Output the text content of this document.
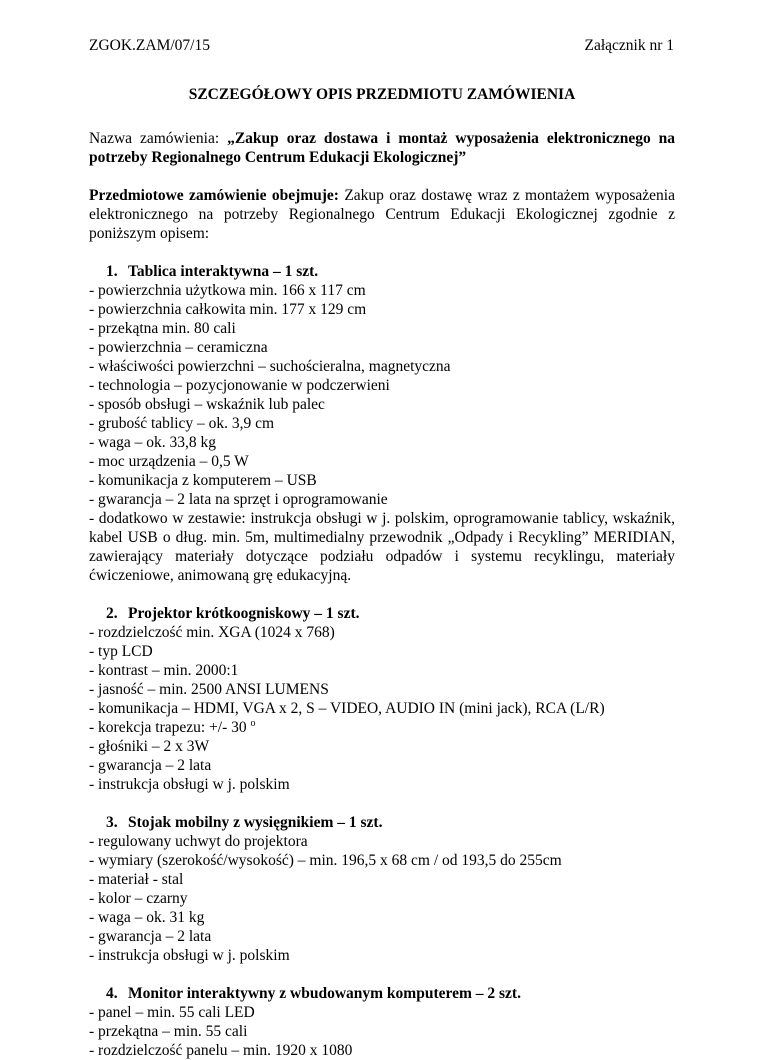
ZGOK.ZAM/07/15	Załącznik nr 1
SZCZEGÓŁOWY OPIS PRZEDMIOTU ZAMÓWIENIA
Nazwa zamówienia: „Zakup oraz dostawa i montaż wyposażenia elektronicznego na potrzeby Regionalnego Centrum Edukacji Ekologicznej”
Przedmiotowe zamówienie obejmuje: Zakup oraz dostawę wraz z montażem wyposażenia elektronicznego na potrzeby Regionalnego Centrum Edukacji Ekologicznej zgodnie z poniższym opisem:
1. Tablica interaktywna – 1 szt.
- powierzchnia użytkowa min. 166 x 117 cm
- powierzchnia całkowita min. 177 x 129 cm
- przekątna min. 80 cali
- powierzchnia – ceramiczna
- właściwości powierzchni – suchościeralna, magnetyczna
- technologia – pozycjonowanie w podczerwieni
- sposób obsługi – wskaźnik lub palec
- grubość tablicy – ok. 3,9 cm
- waga – ok. 33,8 kg
- moc urządzenia – 0,5 W
- komunikacja z komputerem – USB
- gwarancja – 2 lata na sprzęt i oprogramowanie
- dodatkowo w zestawie: instrukcja obsługi w j. polskim, oprogramowanie tablicy, wskaźnik, kabel USB o dług. min. 5m, multimedialny przewodnik „Odpady i Recykling” MERIDIAN, zawierający materiały dotyczące podziału odpadów i systemu recyklingu, materiały ćwiczeniowe, animowaną grę edukacyjną.
2. Projektor krótkoogniskowy – 1 szt.
- rozdzielczość min. XGA (1024 x 768)
- typ LCD
- kontrast – min. 2000:1
- jasność – min. 2500 ANSI LUMENS
- komunikacja – HDMI, VGA x 2, S – VIDEO, AUDIO IN (mini jack), RCA (L/R)
- korekcja trapezu: +/- 30 $^o$
- głośniki – 2 x 3W
- gwarancja – 2 lata
- instrukcja obsługi w j. polskim
3. Stojak mobilny z wysięgnikiem – 1 szt.
- regulowany uchwyt do projektora
- wymiary (szerokość/wysokość) – min. 196,5 x 68 cm / od 193,5 do 255cm
- materiał - stal
- kolor – czarny
- waga – ok. 31 kg
- gwarancja – 2 lata
- instrukcja obsługi w j. polskim
4. Monitor interaktywny z wbudowanym komputerem – 2 szt.
- panel – min. 55 cali LED
- przekątna – min. 55 cali
- rozdzielczość panelu – min. 1920 x 1080
